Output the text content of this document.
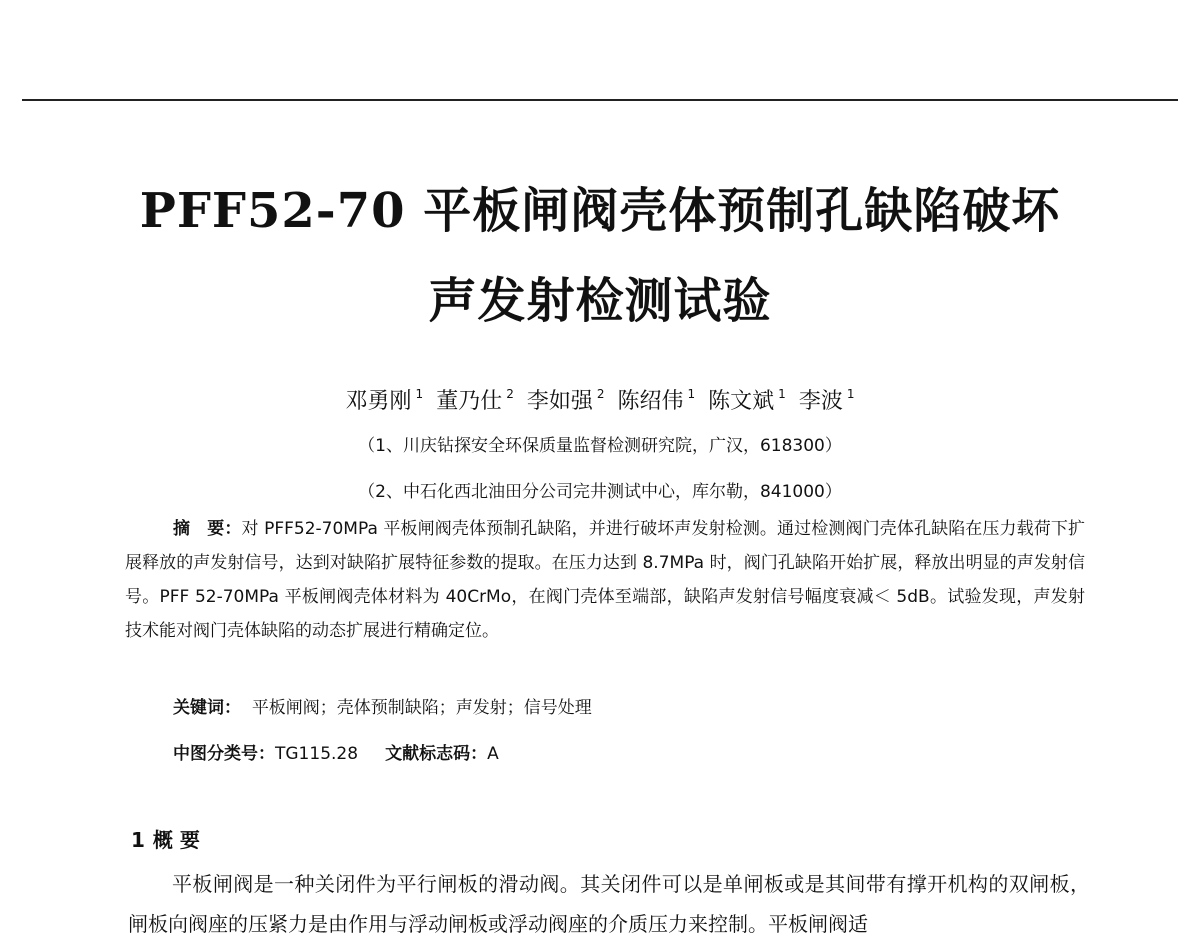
PFF52-70 平板闸阀壳体预制孔缺陷破坏
声发射检测试验
邓勇刚 $^1$ 董乃仕 $^2$ 李如强 $^2$ 陈绍伟 $^1$ 陈文斌 $^1$ 李波 $^1$
（1、川庆钻探安全环保质量监督检测研究院，广汉，618300）
（2、中石化西北油田分公司完井测试中心，库尔勒，841000）
摘　要：对 PFF52-70MPa 平板闸阀壳体预制孔缺陷，并进行破坏声发射检测。通过检测阀门壳体孔缺陷在压力载荷下扩展释放的声发射信号，达到对缺陷扩展特征参数的提取。在压力达到 8.7MPa 时，阀门孔缺陷开始扩展，释放出明显的声发射信号。PFF 52-70MPa 平板闸阀壳体材料为 40CrMo，在阀门壳体至端部，缺陷声发射信号幅度衰减＜ 5dB。试验发现，声发射技术能对阀门壳体缺陷的动态扩展进行精确定位。
关键词： 平板闸阀；壳体预制缺陷；声发射；信号处理
中图分类号：TG115.28 文献标志码：A
1 概 要
平板闸阀是一种关闭件为平行闸板的滑动阀。其关闭件可以是单闸板或是其间带有撑开机构的双闸板，闸板向阀座的压紧力是由作用与浮动闸板或浮动阀座的介质压力来控制。平板闸阀适
